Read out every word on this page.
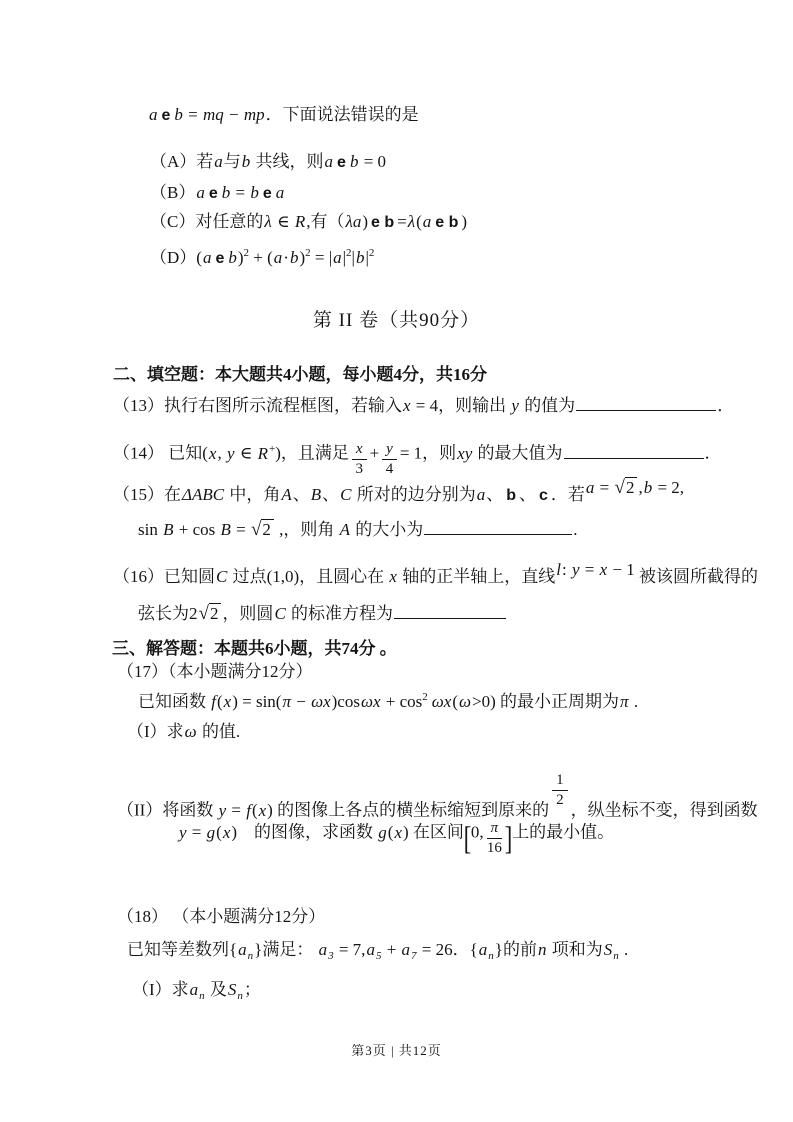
a e b = mq − mp．下面说法错误的是
（A）若a与b 共线，则a e b = 0
（B）a e b = b e a
（C）对任意的λ ∈ R,有（λa) e b =λ(a e b )
（D）(a e $b)^2 + (a\cdot b)^2 = |a|^2|b|^2$
第 II 卷（共90分）
二、填空题：本大题共4小题，每小题4分，共16分
（13）执行右图所示流程框图，若输入x = 4，则输出 y 的值为	．
（14） 已知(x, y ∈ R+)，且满足 $\frac{x}{3} + \frac{y}{4} = 1$，则xy 的最大值为	．
（15）在ΔABC 中，角A、B、C 所对的边分别为a、 b 、 c ．若a = √2 ,b = 2,
sin B + cos B = √2 ,，则角 A 的大小为	.
（16）已知圆C 过点(1,0)，且圆心在 x 轴的正半轴上，直线l: y = x − 1 被该圆所截得的
弦长为2√2 ，则圆C 的标准方程为
三、解答题：本题共6小题，共74分 。
（17）（本小题满分12分）
已知函数 $f(x) = \sin(\pi - \omega x)\cos\omega x + \cos^2 \omega x(\omega>0)$ 的最小正周期为π .
（I）求ω 的值.
（II）将函数 y = f(x) 的图像上各点的横坐标缩短到原来的
$\frac{1}{2}$
，纵坐标不变，得到函数
y = g(x)　的图像，求函数 g(x) 在区间[0, $\frac{\pi}{16}$ ]上的最小值。
（18） （本小题满分12分）
已知等差数列$\{a_n\}$满足： $a_3 = 7,a_5 + a_7 = 26$．$\{a_n\}$的前n 项和为$S_n$ .
（I）求$a_n$ 及$S_n$；
第3页 | 共12页
